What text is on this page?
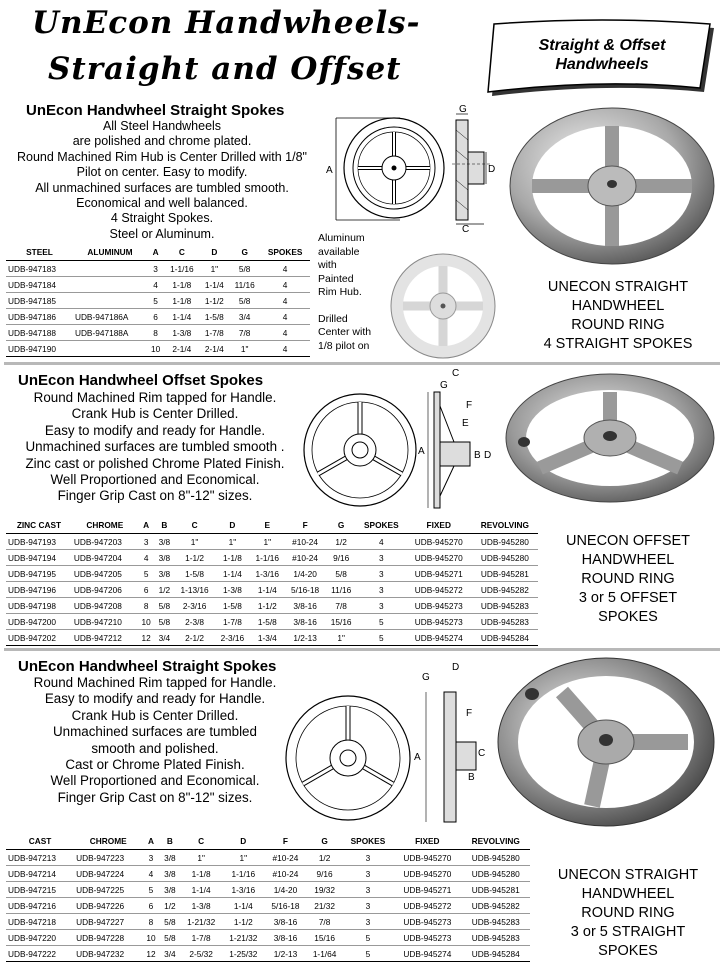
UnEcon Handwheels-
Straight and Offset
Straight & Offset
Handwheels
UnEcon Handwheel Straight Spokes
All Steel Handwheels
are polished and chrome plated.
Round Machined Rim Hub is Center Drilled with 1/8"
Pilot on center. Easy to modify.
All unmachined surfaces are tumbled smooth.
Economical and well balanced.
4 Straight Spokes.
Steel or Aluminum.
A
G
D
C
Aluminum
available
with
Painted
Rim Hub.
Drilled
Center with
1/8 pilot on
STEEL	ALUMINUM	A	C	D	G	SPOKES
UDB-947183		3	1-1/16	1"	5/8	4
UDB-947184		4	1-1/8	1-1/4	11/16	4
UDB-947185		5	1-1/8	1-1/2	5/8	4
UDB-947186	UDB-947186A	6	1-1/4	1-5/8	3/4	4
UDB-947188	UDB-947188A	8	1-3/8	1-7/8	7/8	4
UDB-947190		10	2-1/4	2-1/4	1"	4
UNECON STRAIGHT
HANDWHEEL
ROUND RING
4 STRAIGHT SPOKES
UnEcon Handwheel Offset Spokes
Round Machined Rim tapped for Handle.
Crank Hub is Center Drilled.
Easy to modify and ready for Handle.
Unmachined surfaces are tumbled smooth .
Zinc cast or polished Chrome Plated Finish.
Well Proportioned and Economical.
Finger Grip Cast on 8"-12" sizes.
A
C
G
F
E
B D
ZINC CAST	CHROME	A	B	C	D	E	F	G	SPOKES	FIXED	REVOLVING
UDB-947193	UDB-947203	3	3/8	1"	1"	1"	#10-24	1/2	4	UDB-945270	UDB-945280
UDB-947194	UDB-947204	4	3/8	1-1/2	1-1/8	1-1/16	#10-24	9/16	3	UDB-945270	UDB-945280
UDB-947195	UDB-947205	5	3/8	1-5/8	1-1/4	1-3/16	1/4-20	5/8	3	UDB-945271	UDB-945281
UDB-947196	UDB-947206	6	1/2	1-13/16	1-3/8	1-1/4	5/16-18	11/16	3	UDB-945272	UDB-945282
UDB-947198	UDB-947208	8	5/8	2-3/16	1-5/8	1-1/2	3/8-16	7/8	3	UDB-945273	UDB-945283
UDB-947200	UDB-947210	10	5/8	2-3/8	1-7/8	1-5/8	3/8-16	15/16	5	UDB-945273	UDB-945283
UDB-947202	UDB-947212	12	3/4	2-1/2	2-3/16	1-3/4	1/2-13	1"	5	UDB-945274	UDB-945284
UNECON OFFSET
HANDWHEEL
ROUND RING
3 or 5 OFFSET
SPOKES
UnEcon Handwheel Straight Spokes
Round Machined Rim tapped for Handle.
Easy to modify and ready for Handle.
Crank Hub is Center Drilled.
Unmachined surfaces are tumbled
smooth and polished.
Cast or Chrome Plated Finish.
Well Proportioned and Economical.
Finger Grip Cast on 8"-12" sizes.
A
G
D
F
C
B
CAST	CHROME	A	B	C	D	F	G	SPOKES	FIXED	REVOLVING
UDB-947213	UDB-947223	3	3/8	1"	1"	#10-24	1/2	3	UDB-945270	UDB-945280
UDB-947214	UDB-947224	4	3/8	1-1/8	1-1/16	#10-24	9/16	3	UDB-945270	UDB-945280
UDB-947215	UDB-947225	5	3/8	1-1/4	1-3/16	1/4-20	19/32	3	UDB-945271	UDB-945281
UDB-947216	UDB-947226	6	1/2	1-3/8	1-1/4	5/16-18	21/32	3	UDB-945272	UDB-945282
UDB-947218	UDB-947227	8	5/8	1-21/32	1-1/2	3/8-16	7/8	3	UDB-945273	UDB-945283
UDB-947220	UDB-947228	10	5/8	1-7/8	1-21/32	3/8-16	15/16	5	UDB-945273	UDB-945283
UDB-947222	UDB-947232	12	3/4	2-5/32	1-25/32	1/2-13	1-1/64	5	UDB-945274	UDB-945284
UNECON STRAIGHT
HANDWHEEL
ROUND RING
3 or 5 STRAIGHT
SPOKES
